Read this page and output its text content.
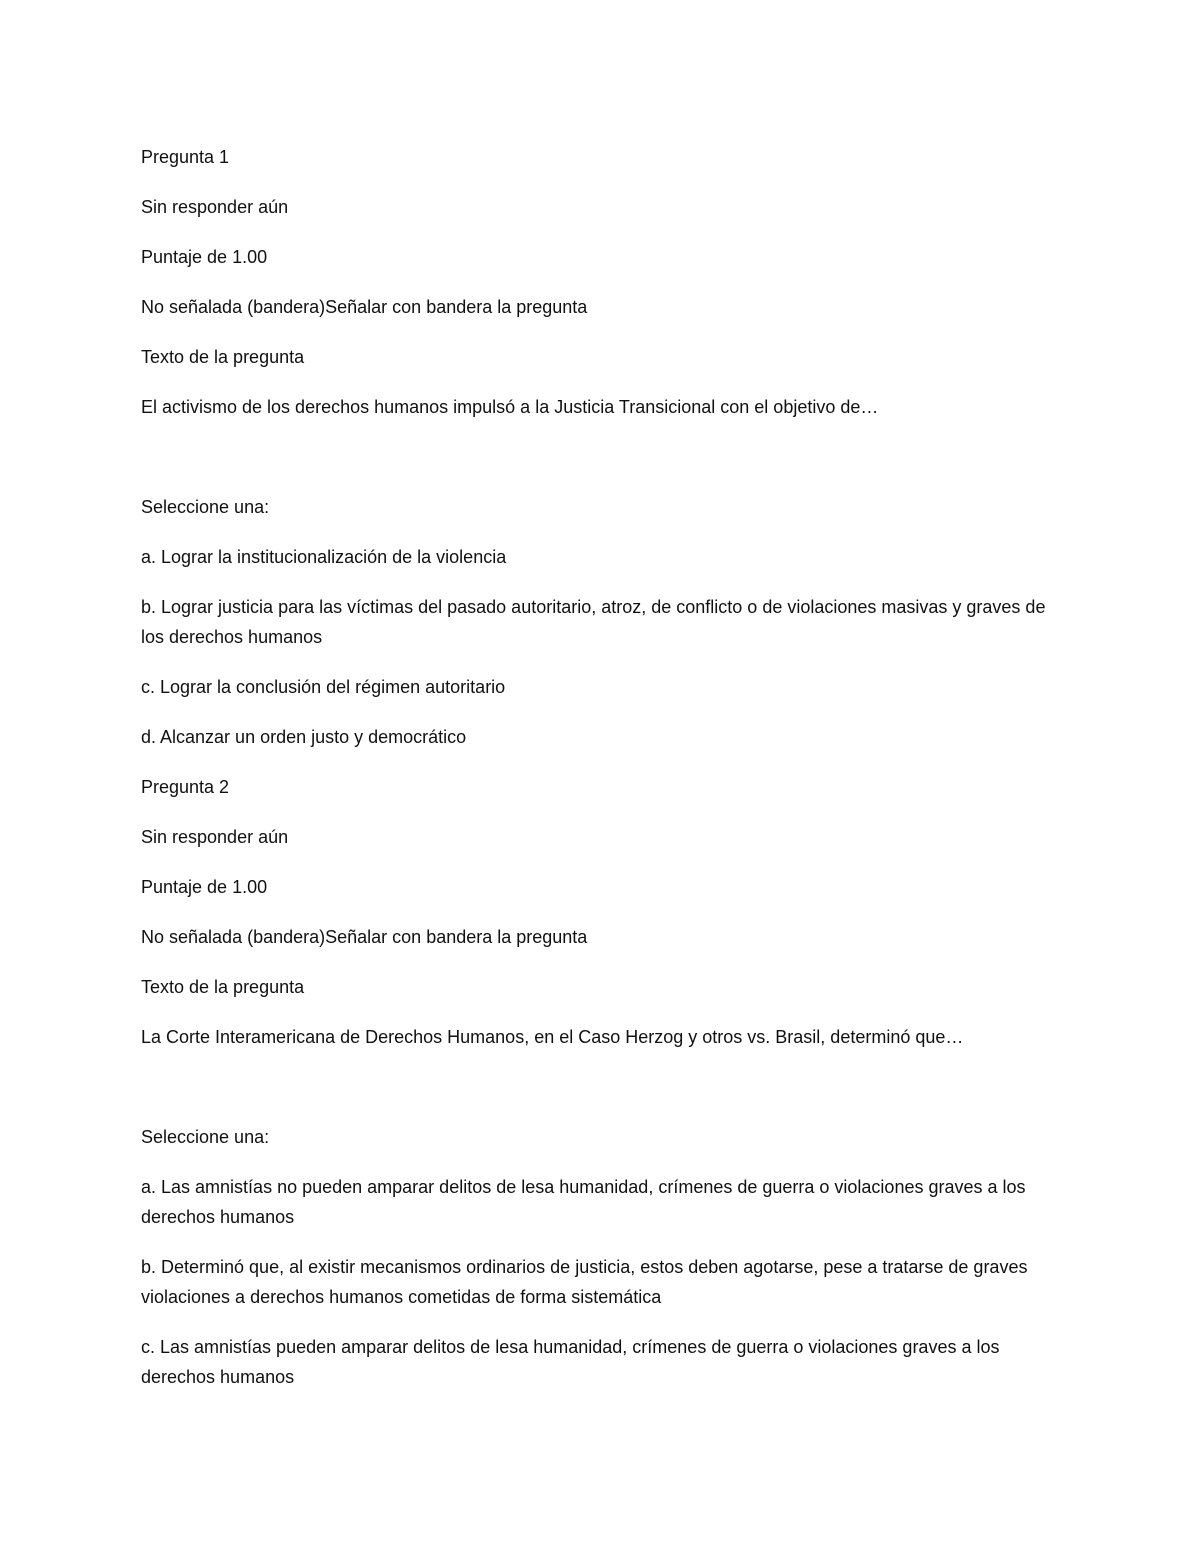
Pregunta 1

Sin responder aún

Puntaje de 1.00

No señalada (bandera)Señalar con bandera la pregunta

Texto de la pregunta

El activismo de los derechos humanos impulsó a la Justicia Transicional con el objetivo de…

Seleccione una:

a. Lograr la institucionalización de la violencia

b. Lograr justicia para las víctimas del pasado autoritario, atroz, de conflicto o de violaciones masivas y graves de los derechos humanos

c. Lograr la conclusión del régimen autoritario

d. Alcanzar un orden justo y democrático

Pregunta 2

Sin responder aún

Puntaje de 1.00

No señalada (bandera)Señalar con bandera la pregunta

Texto de la pregunta

La Corte Interamericana de Derechos Humanos, en el Caso Herzog y otros vs. Brasil, determinó que…

Seleccione una:

a. Las amnistías no pueden amparar delitos de lesa humanidad, crímenes de guerra o violaciones graves a los derechos humanos

b. Determinó que, al existir mecanismos ordinarios de justicia, estos deben agotarse, pese a tratarse de graves violaciones a derechos humanos cometidas de forma sistemática

c. Las amnistías pueden amparar delitos de lesa humanidad, crímenes de guerra o violaciones graves a los derechos humanos
